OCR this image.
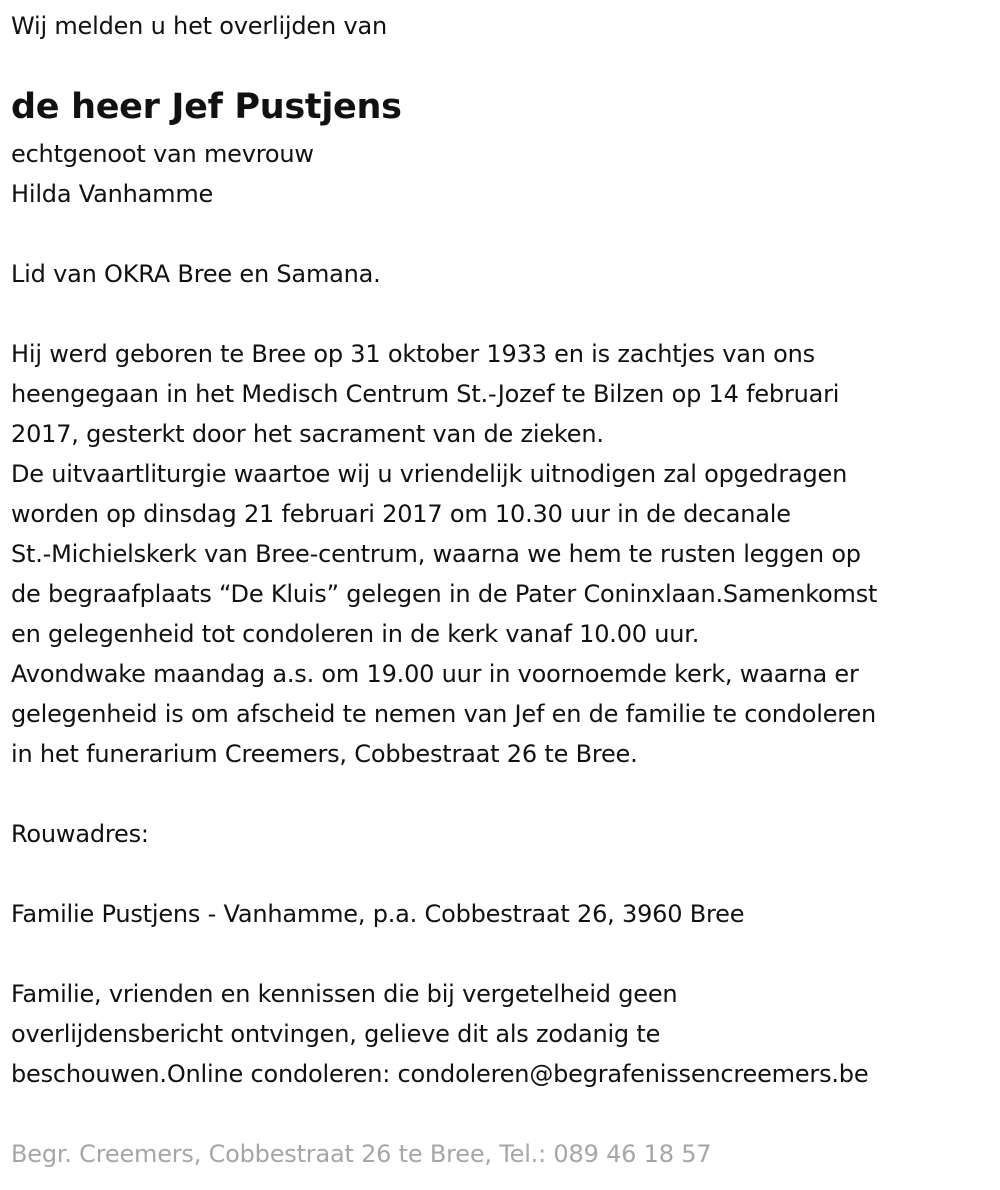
Wij melden u het overlijden van
de heer Jef Pustjens
echtgenoot van mevrouw
Hilda Vanhamme
Lid van OKRA Bree en Samana.
Hij werd geboren te Bree op 31 oktober 1933 en is zachtjes van ons
heengegaan in het Medisch Centrum St.-Jozef te Bilzen op 14 februari
2017, gesterkt door het sacrament van de zieken.
De uitvaartliturgie waartoe wij u vriendelijk uitnodigen zal opgedragen
worden op dinsdag 21 februari 2017 om 10.30 uur in de decanale
St.-Michielskerk van Bree-centrum, waarna we hem te rusten leggen op
de begraafplaats “De Kluis” gelegen in de Pater Coninxlaan.Samenkomst
en gelegenheid tot condoleren in de kerk vanaf 10.00 uur.
Avondwake maandag a.s. om 19.00 uur in voornoemde kerk, waarna er
gelegenheid is om afscheid te nemen van Jef en de familie te condoleren
in het funerarium Creemers, Cobbestraat 26 te Bree.
Rouwadres:
Familie Pustjens - Vanhamme, p.a. Cobbestraat 26, 3960 Bree
Familie, vrienden en kennissen die bij vergetelheid geen
overlijdensbericht ontvingen, gelieve dit als zodanig te
beschouwen.Online condoleren: condoleren@begrafenissencreemers.be
Begr. Creemers, Cobbestraat 26 te Bree, Tel.: 089 46 18 57
